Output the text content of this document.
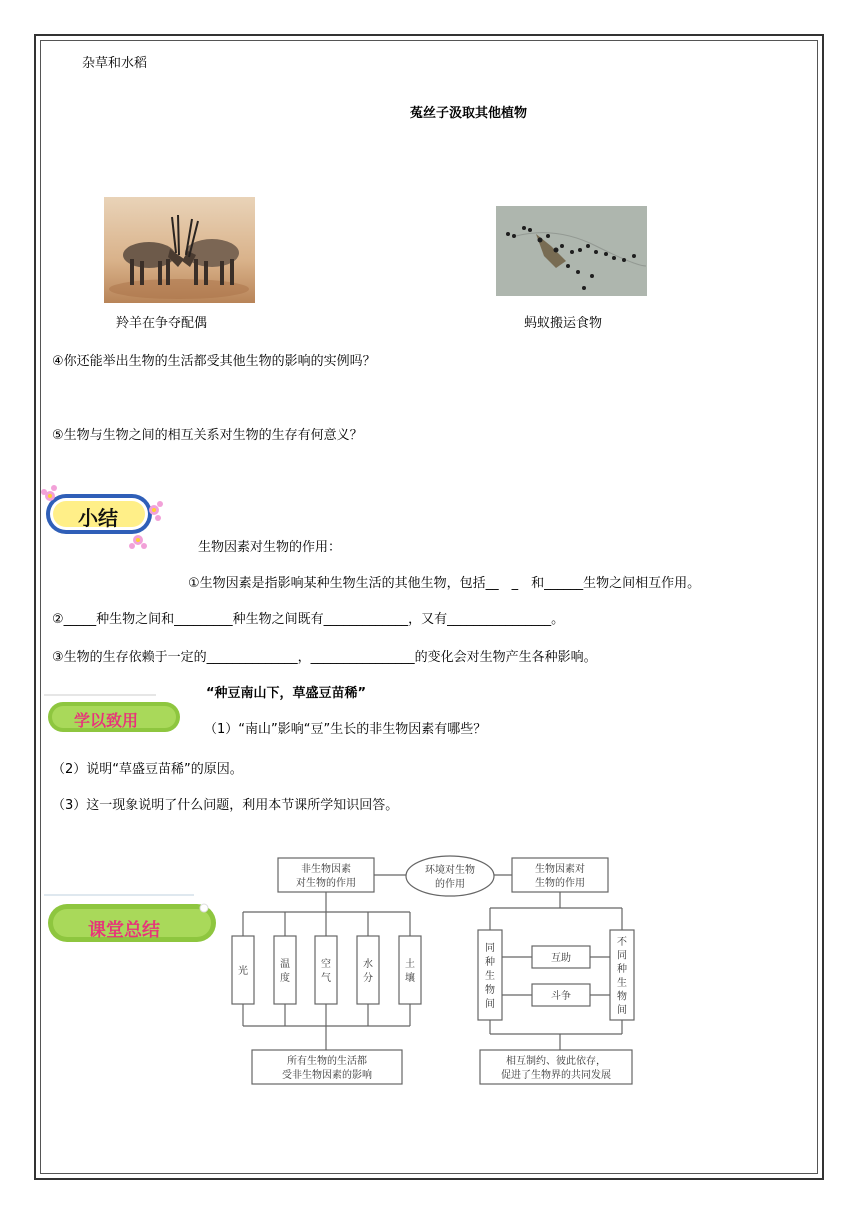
杂草和水稻
菟丝子汲取其他植物
羚羊在争夺配偶	蚂蚁搬运食物
④你还能举出生物的生活都受其他生物的影响的实例吗？
⑤生物与生物之间的相互关系对生物的生存有何意义？
小结
生物因素对生物的作用：
①生物因素是指影响某种生物生活的其他生物，包括__　_　和______生物之间相互作用。
②_____种生物之间和_________种生物之间既有_____________，又有________________。
③生物的生存依赖于一定的______________，________________的变化会对生物产生各种影响。
学以致用
“种豆南山下，草盛豆苗稀”
（1）“南山”影响“豆”生长的非生物因素有哪些？
（2）说明“草盛豆苗稀”的原因。
（3）这一现象说明了什么问题，利用本节课所学知识回答。
课堂总结
非生物因素
对生物的作用
环境对生物
的作用
生物因素对
生物的作用
光
温
度
空
气
水
分
土
壤
同
种
生
物
间
不
同
种
生
物
间
互助
斗争
所有生物的生活都
受非生物因素的影响
相互制约、彼此依存，
促进了生物界的共同发展
